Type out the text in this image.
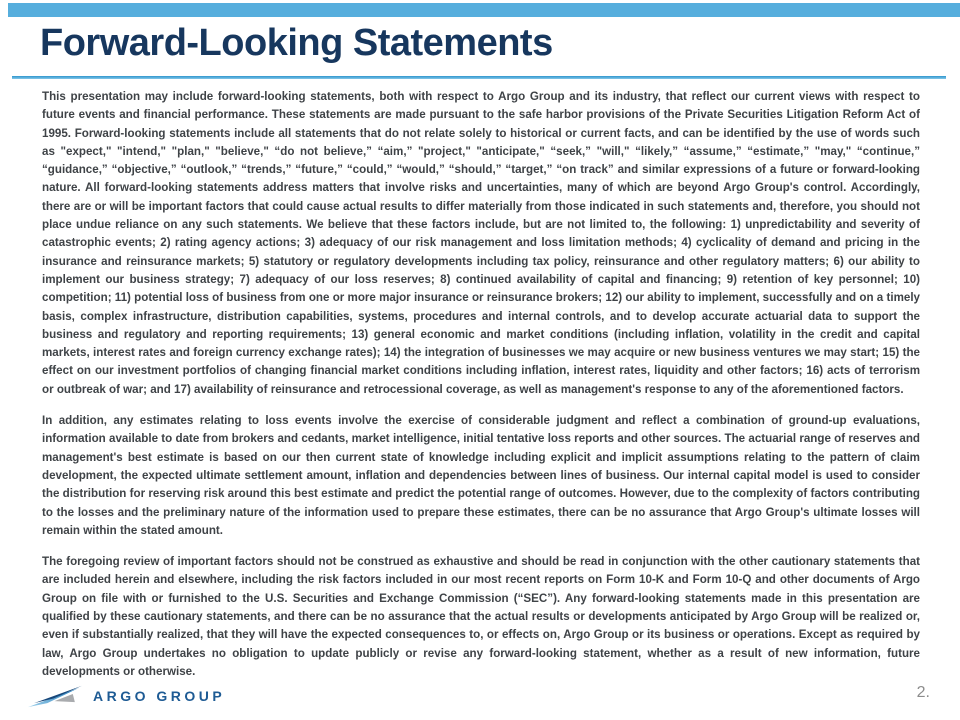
Forward-Looking Statements

This presentation may include forward-looking statements, both with respect to Argo Group and its industry, that reflect our current views with respect to future events and financial performance. These statements are made pursuant to the safe harbor provisions of the Private Securities Litigation Reform Act of 1995. Forward-looking statements include all statements that do not relate solely to historical or current facts, and can be identified by the use of words such as "expect," "intend," "plan," "believe," “do not believe,” “aim,” "project," "anticipate," “seek,” "will," “likely,” “assume,” “estimate,” "may," “continue,” “guidance,” “objective,” “outlook,” “trends,” “future,” “could,” “would,” “should,” “target,” “on track” and similar expressions of a future or forward-looking nature. All forward-looking statements address matters that involve risks and uncertainties, many of which are beyond Argo Group's control. Accordingly, there are or will be important factors that could cause actual results to differ materially from those indicated in such statements and, therefore, you should not place undue reliance on any such statements. We believe that these factors include, but are not limited to, the following: 1) unpredictability and severity of catastrophic events; 2) rating agency actions; 3) adequacy of our risk management and loss limitation methods; 4) cyclicality of demand and pricing in the insurance and reinsurance markets; 5) statutory or regulatory developments including tax policy, reinsurance and other regulatory matters; 6) our ability to implement our business strategy; 7) adequacy of our loss reserves; 8) continued availability of capital and financing; 9) retention of key personnel; 10) competition; 11) potential loss of business from one or more major insurance or reinsurance brokers; 12) our ability to implement, successfully and on a timely basis, complex infrastructure, distribution capabilities, systems, procedures and internal controls, and to develop accurate actuarial data to support the business and regulatory and reporting requirements; 13) general economic and market conditions (including inflation, volatility in the credit and capital markets, interest rates and foreign currency exchange rates); 14) the integration of businesses we may acquire or new business ventures we may start; 15) the effect on our investment portfolios of changing financial market conditions including inflation, interest rates, liquidity and other factors; 16) acts of terrorism or outbreak of war; and 17) availability of reinsurance and retrocessional coverage, as well as management's response to any of the aforementioned factors.

In addition, any estimates relating to loss events involve the exercise of considerable judgment and reflect a combination of ground-up evaluations, information available to date from brokers and cedants, market intelligence, initial tentative loss reports and other sources. The actuarial range of reserves and management's best estimate is based on our then current state of knowledge including explicit and implicit assumptions relating to the pattern of claim development, the expected ultimate settlement amount, inflation and dependencies between lines of business. Our internal capital model is used to consider the distribution for reserving risk around this best estimate and predict the potential range of outcomes. However, due to the complexity of factors contributing to the losses and the preliminary nature of the information used to prepare these estimates, there can be no assurance that Argo Group's ultimate losses will remain within the stated amount.

The foregoing review of important factors should not be construed as exhaustive and should be read in conjunction with the other cautionary statements that are included herein and elsewhere, including the risk factors included in our most recent reports on Form 10-K and Form 10-Q and other documents of Argo Group on file with or furnished to the U.S. Securities and Exchange Commission (“SEC”). Any forward-looking statements made in this presentation are qualified by these cautionary statements, and there can be no assurance that the actual results or developments anticipated by Argo Group will be realized or, even if substantially realized, that they will have the expected consequences to, or effects on, Argo Group or its business or operations. Except as required by law, Argo Group undertakes no obligation to update publicly or revise any forward-looking statement, whether as a result of new information, future developments or otherwise.

ARGO GROUP	2.
